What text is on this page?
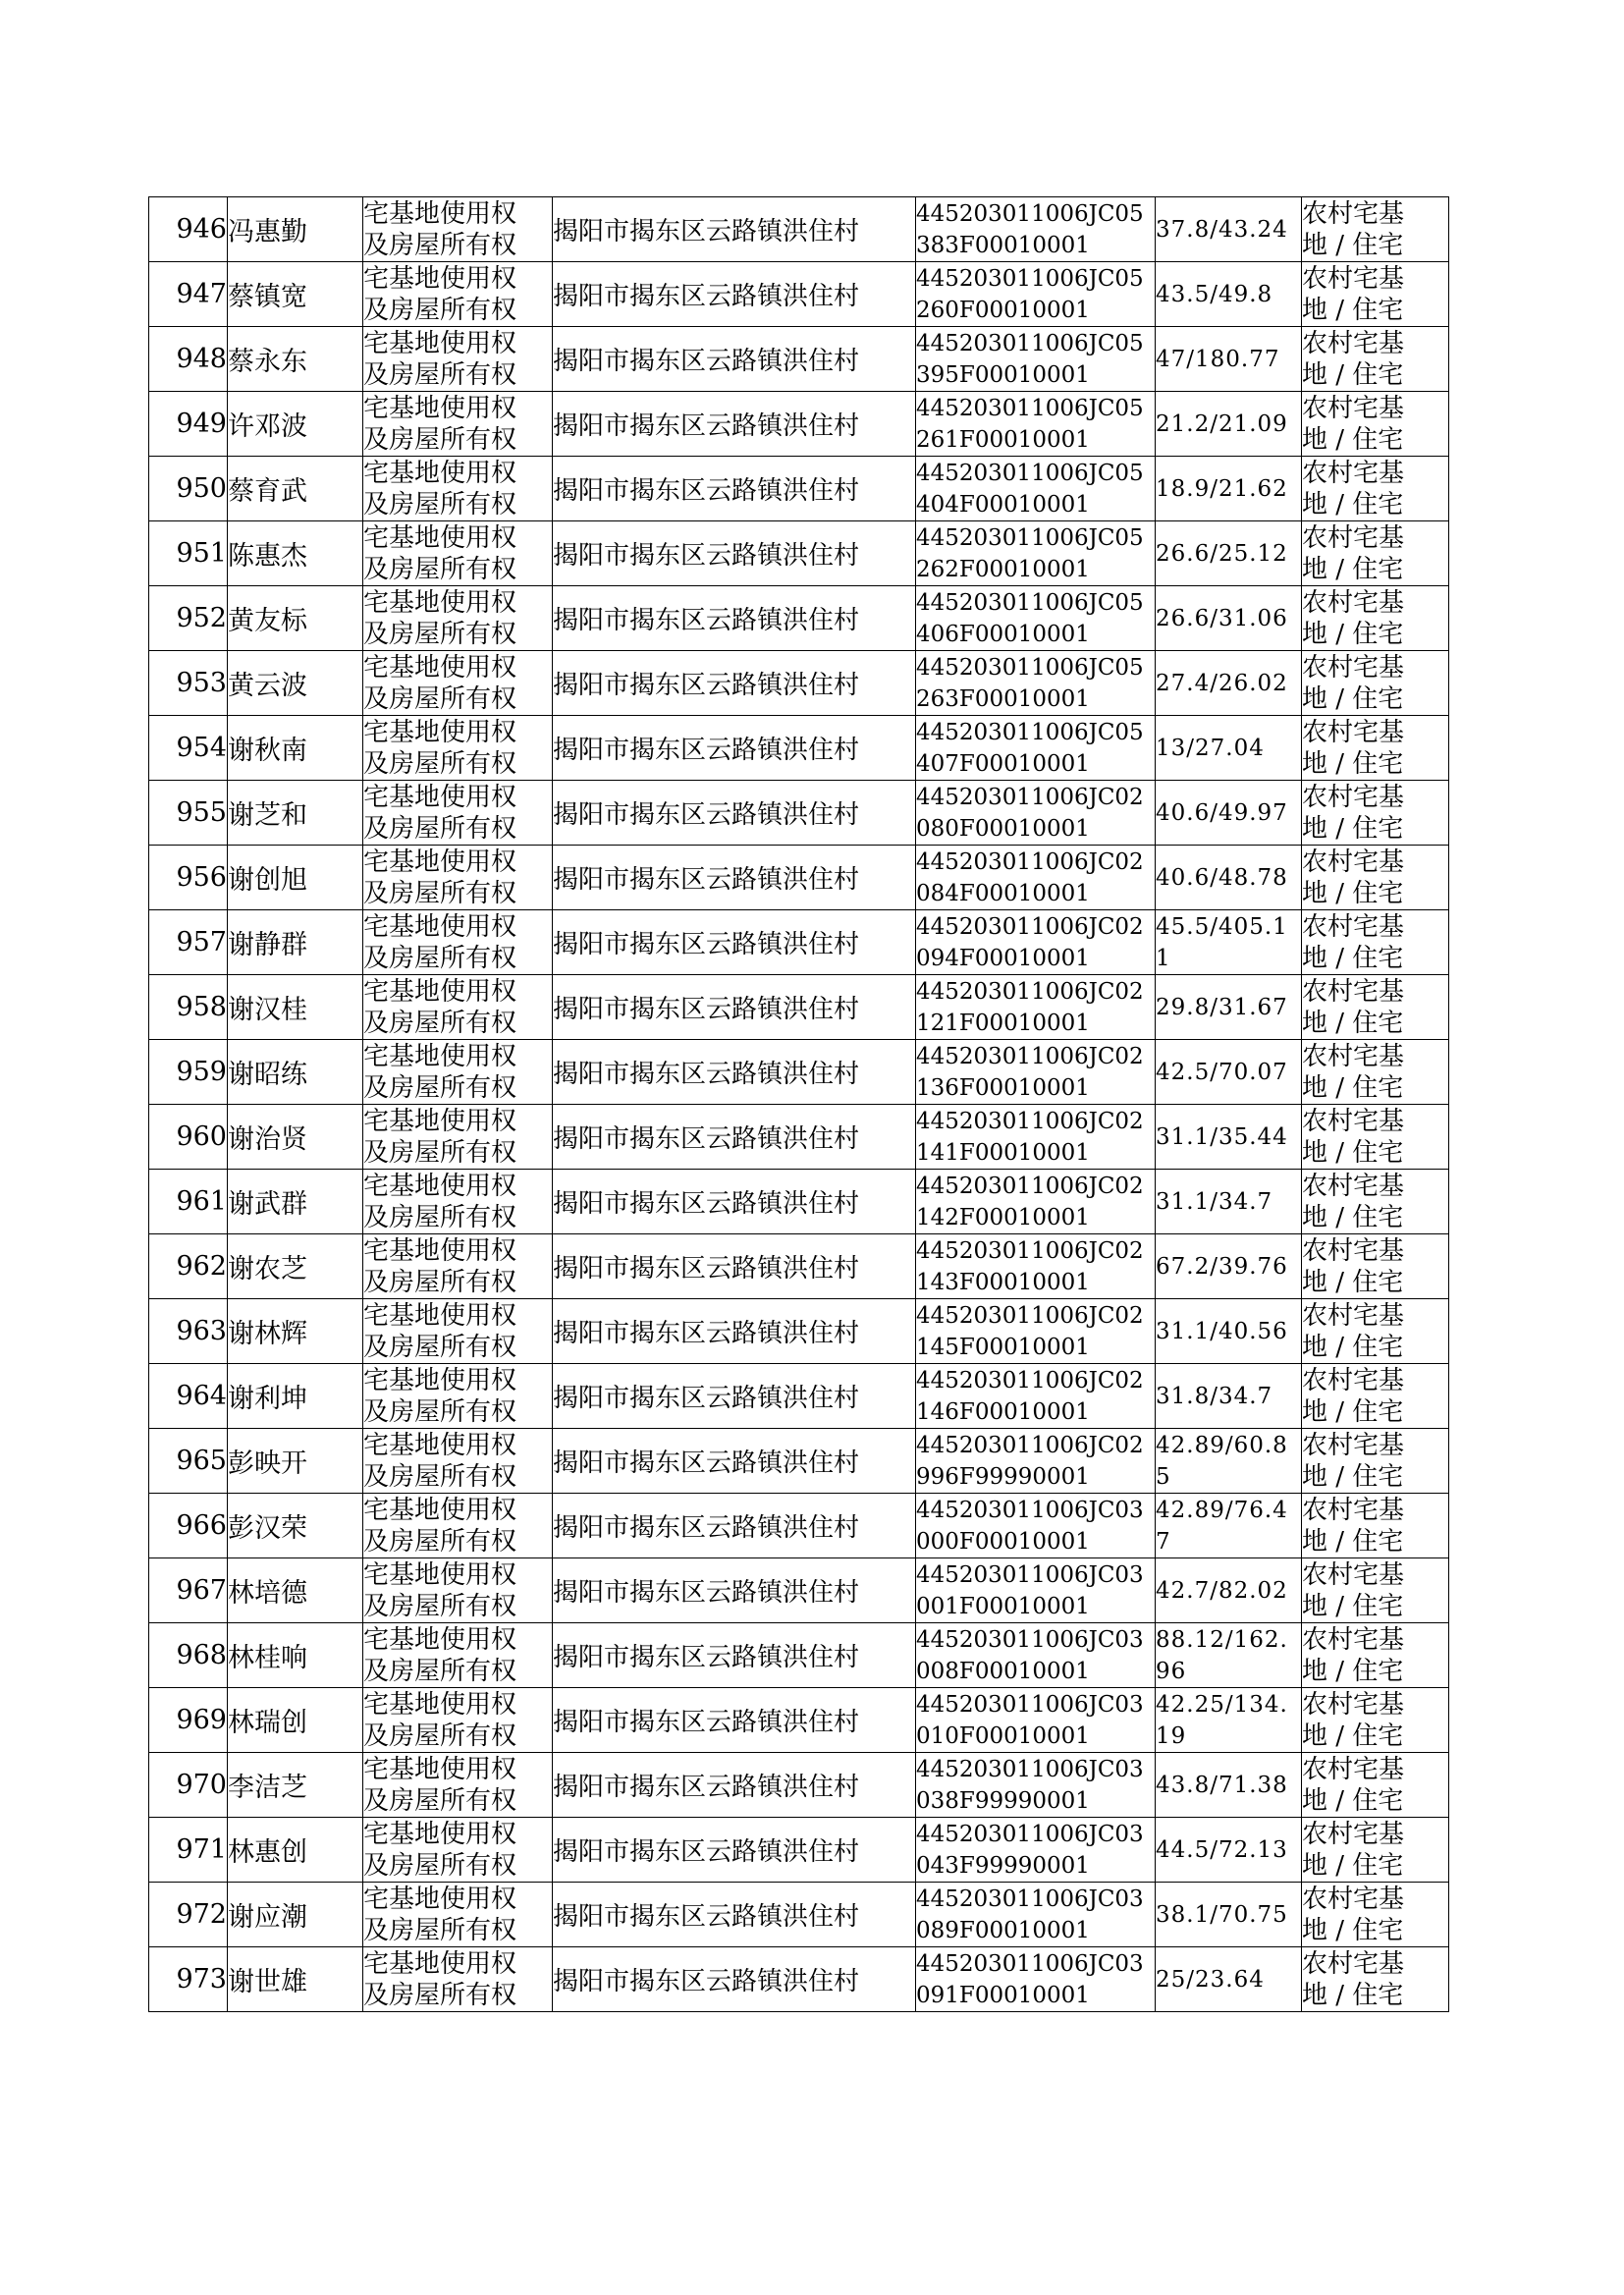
946	冯惠勤	宅基地使用权
及房屋所有权	揭阳市揭东区云路镇洪住村	445203011006JC05
383F00010001	37.8/43.24	农村宅基
地 / 住宅

947	蔡镇宽	宅基地使用权
及房屋所有权	揭阳市揭东区云路镇洪住村	445203011006JC05
260F00010001	43.5/49.8	农村宅基
地 / 住宅

948	蔡永东	宅基地使用权
及房屋所有权	揭阳市揭东区云路镇洪住村	445203011006JC05
395F00010001	47/180.77	农村宅基
地 / 住宅

949	许邓波	宅基地使用权
及房屋所有权	揭阳市揭东区云路镇洪住村	445203011006JC05
261F00010001	21.2/21.09	农村宅基
地 / 住宅

950	蔡育武	宅基地使用权
及房屋所有权	揭阳市揭东区云路镇洪住村	445203011006JC05
404F00010001	18.9/21.62	农村宅基
地 / 住宅

951	陈惠杰	宅基地使用权
及房屋所有权	揭阳市揭东区云路镇洪住村	445203011006JC05
262F00010001	26.6/25.12	农村宅基
地 / 住宅

952	黄友标	宅基地使用权
及房屋所有权	揭阳市揭东区云路镇洪住村	445203011006JC05
406F00010001	26.6/31.06	农村宅基
地 / 住宅

953	黄云波	宅基地使用权
及房屋所有权	揭阳市揭东区云路镇洪住村	445203011006JC05
263F00010001	27.4/26.02	农村宅基
地 / 住宅

954	谢秋南	宅基地使用权
及房屋所有权	揭阳市揭东区云路镇洪住村	445203011006JC05
407F00010001	13/27.04	农村宅基
地 / 住宅

955	谢芝和	宅基地使用权
及房屋所有权	揭阳市揭东区云路镇洪住村	445203011006JC02
080F00010001	40.6/49.97	农村宅基
地 / 住宅

956	谢创旭	宅基地使用权
及房屋所有权	揭阳市揭东区云路镇洪住村	445203011006JC02
084F00010001	40.6/48.78	农村宅基
地 / 住宅

957	谢静群	宅基地使用权
及房屋所有权	揭阳市揭东区云路镇洪住村	445203011006JC02
094F00010001	45.5/405.11	农村宅基
地 / 住宅

958	谢汉桂	宅基地使用权
及房屋所有权	揭阳市揭东区云路镇洪住村	445203011006JC02
121F00010001	29.8/31.67	农村宅基
地 / 住宅

959	谢昭练	宅基地使用权
及房屋所有权	揭阳市揭东区云路镇洪住村	445203011006JC02
136F00010001	42.5/70.07	农村宅基
地 / 住宅

960	谢治贤	宅基地使用权
及房屋所有权	揭阳市揭东区云路镇洪住村	445203011006JC02
141F00010001	31.1/35.44	农村宅基
地 / 住宅

961	谢武群	宅基地使用权
及房屋所有权	揭阳市揭东区云路镇洪住村	445203011006JC02
142F00010001	31.1/34.7	农村宅基
地 / 住宅

962	谢农芝	宅基地使用权
及房屋所有权	揭阳市揭东区云路镇洪住村	445203011006JC02
143F00010001	67.2/39.76	农村宅基
地 / 住宅

963	谢林辉	宅基地使用权
及房屋所有权	揭阳市揭东区云路镇洪住村	445203011006JC02
145F00010001	31.1/40.56	农村宅基
地 / 住宅

964	谢利坤	宅基地使用权
及房屋所有权	揭阳市揭东区云路镇洪住村	445203011006JC02
146F00010001	31.8/34.7	农村宅基
地 / 住宅

965	彭映开	宅基地使用权
及房屋所有权	揭阳市揭东区云路镇洪住村	445203011006JC02
996F99990001	42.89/60.85	农村宅基
地 / 住宅

966	彭汉荣	宅基地使用权
及房屋所有权	揭阳市揭东区云路镇洪住村	445203011006JC03
000F00010001	42.89/76.47	农村宅基
地 / 住宅

967	林培德	宅基地使用权
及房屋所有权	揭阳市揭东区云路镇洪住村	445203011006JC03
001F00010001	42.7/82.02	农村宅基
地 / 住宅

968	林桂响	宅基地使用权
及房屋所有权	揭阳市揭东区云路镇洪住村	445203011006JC03
008F00010001	88.12/162.96	农村宅基
地 / 住宅

969	林瑞创	宅基地使用权
及房屋所有权	揭阳市揭东区云路镇洪住村	445203011006JC03
010F00010001	42.25/134.19	农村宅基
地 / 住宅

970	李洁芝	宅基地使用权
及房屋所有权	揭阳市揭东区云路镇洪住村	445203011006JC03
038F99990001	43.8/71.38	农村宅基
地 / 住宅

971	林惠创	宅基地使用权
及房屋所有权	揭阳市揭东区云路镇洪住村	445203011006JC03
043F99990001	44.5/72.13	农村宅基
地 / 住宅

972	谢应潮	宅基地使用权
及房屋所有权	揭阳市揭东区云路镇洪住村	445203011006JC03
089F00010001	38.1/70.75	农村宅基
地 / 住宅

973	谢世雄	宅基地使用权
及房屋所有权	揭阳市揭东区云路镇洪住村	445203011006JC03
091F00010001	25/23.64	农村宅基
地 / 住宅
